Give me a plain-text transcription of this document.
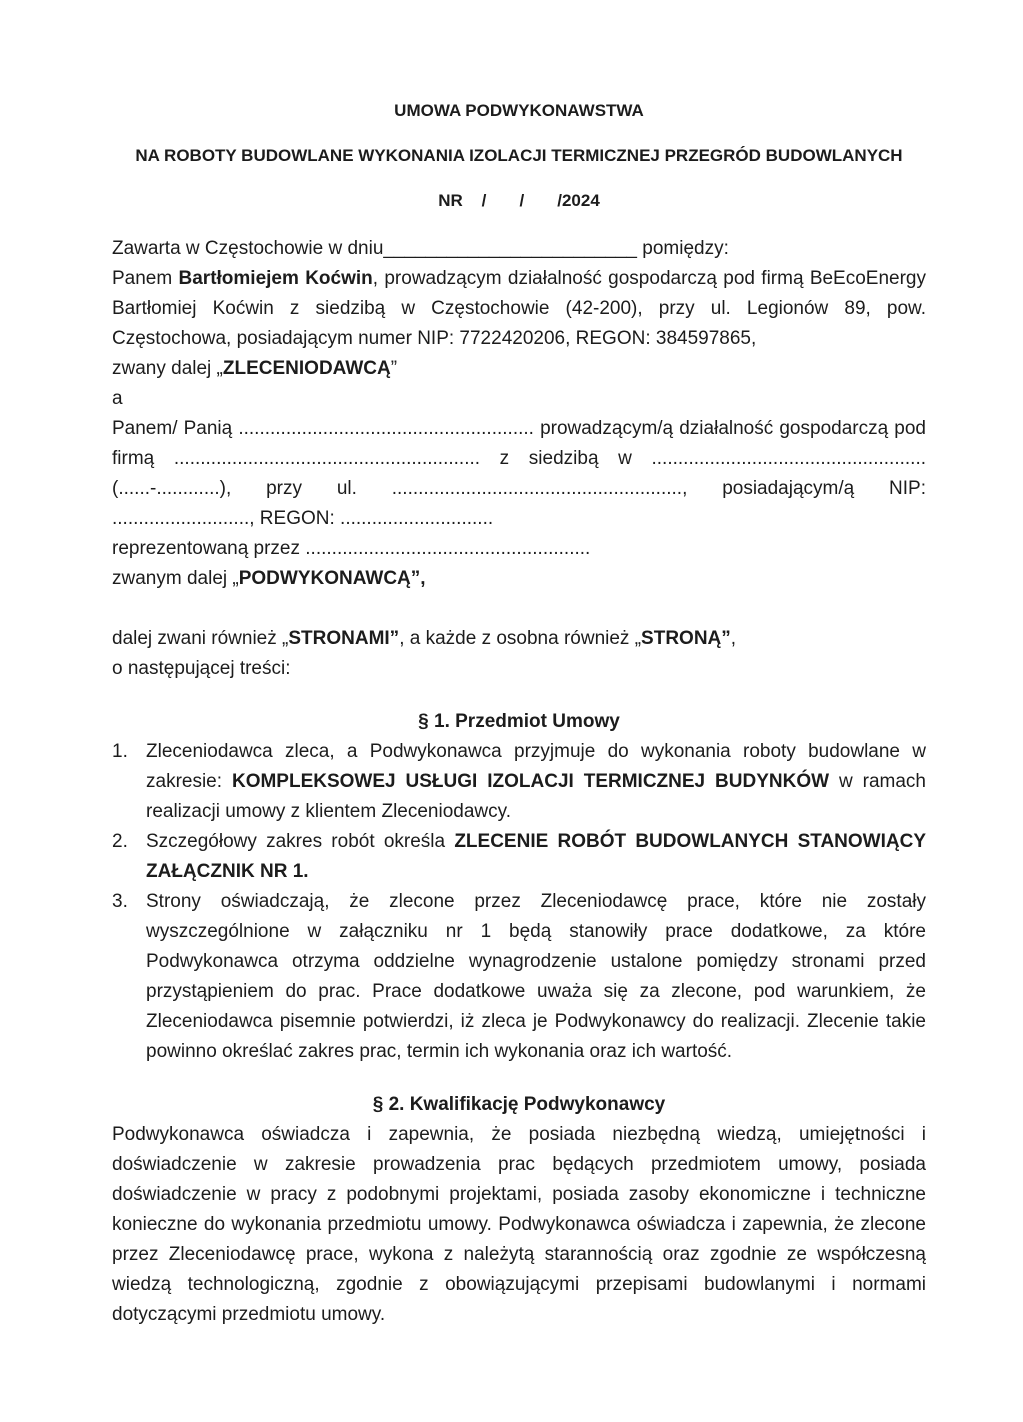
UMOWA PODWYKONAWSTWA
NA ROBOTY BUDOWLANE WYKONANIA IZOLACJI TERMICZNEJ PRZEGRÓD BUDOWLANYCH
NR    /       /       /2024
Zawarta w Częstochowie w dniu________________________ pomiędzy:
Panem Bartłomiejem Koćwin, prowadzącym działalność gospodarczą pod firmą BeEcoEnergy Bartłomiej Koćwin z siedzibą w Częstochowie (42-200), przy ul. Legionów 89, pow. Częstochowa, posiadającym numer NIP: 7722420206, REGON: 384597865,
zwany dalej „ZLECENIODAWCĄ”
a
Panem/ Panią ........................................................ prowadzącym/ą działalność gospodarczą pod firmą .......................................................... z siedzibą w ....................................................(......-............), przy ul. ......................................................., posiadającym/ą NIP: .........................., REGON: .............................
reprezentowaną przez ......................................................
zwanym dalej „PODWYKONAWCĄ”,
dalej zwani również „STRONAMI”, a każde z osobna również „STRONĄ”,
o następującej treści:
§ 1. Przedmiot Umowy
1. Zleceniodawca zleca, a Podwykonawca przyjmuje do wykonania roboty budowlane w zakresie: KOMPLEKSOWEJ USŁUGI IZOLACJI TERMICZNEJ BUDYNKÓW w ramach realizacji umowy z klientem Zleceniodawcy.
2. Szczegółowy zakres robót określa ZLECENIE ROBÓT BUDOWLANYCH STANOWIĄCY ZAŁĄCZNIK NR 1.
3. Strony oświadczają, że zlecone przez Zleceniodawcę prace, które nie zostały wyszczególnione w załączniku nr 1 będą stanowiły prace dodatkowe, za które Podwykonawca otrzyma oddzielne wynagrodzenie ustalone pomiędzy stronami przed przystąpieniem do prac. Prace dodatkowe uważa się za zlecone, pod warunkiem, że Zleceniodawca pisemnie potwierdzi, iż zleca je Podwykonawcy do realizacji. Zlecenie takie powinno określać zakres prac, termin ich wykonania oraz ich wartość.
§ 2. Kwalifikację Podwykonawcy
Podwykonawca oświadcza i zapewnia, że posiada niezbędną wiedzą, umiejętności i doświadczenie w zakresie prowadzenia prac będących przedmiotem umowy, posiada doświadczenie w pracy z podobnymi projektami, posiada zasoby ekonomiczne i techniczne konieczne do wykonania przedmiotu umowy. Podwykonawca oświadcza i zapewnia, że zlecone przez Zleceniodawcę prace, wykona z należytą starannością oraz zgodnie ze współczesną wiedzą technologiczną, zgodnie z obowiązującymi przepisami budowlanymi i normami dotyczącymi przedmiotu umowy.
